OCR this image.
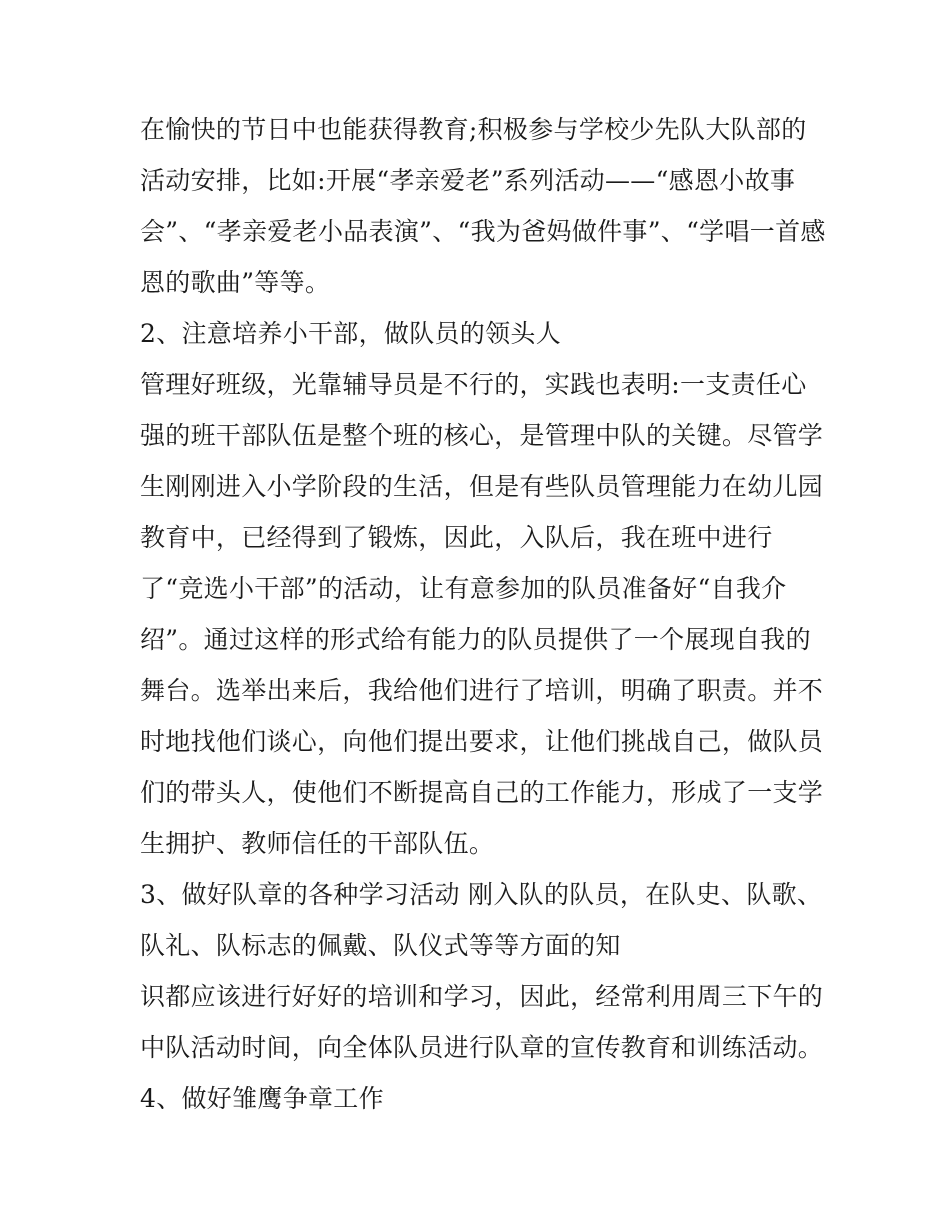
在愉快的节日中也能获得教育;积极参与学校少先队大队部的
活动安排，比如:开展“孝亲爱老”系列活动——“感恩小故事
会”、“孝亲爱老小品表演”、“我为爸妈做件事”、“学唱一首感
恩的歌曲”等等。
2、注意培养小干部，做队员的领头人
管理好班级，光靠辅导员是不行的，实践也表明:一支责任心
强的班干部队伍是整个班的核心，是管理中队的关键。尽管学
生刚刚进入小学阶段的生活，但是有些队员管理能力在幼儿园
教育中，已经得到了锻炼，因此，入队后，我在班中进行
了“竞选小干部”的活动，让有意参加的队员准备好“自我介
绍”。通过这样的形式给有能力的队员提供了一个展现自我的
舞台。选举出来后，我给他们进行了培训，明确了职责。并不
时地找他们谈心，向他们提出要求，让他们挑战自己，做队员
们的带头人，使他们不断提高自己的工作能力，形成了一支学
生拥护、教师信任的干部队伍。
3、做好队章的各种学习活动 刚入队的队员，在队史、队歌、
队礼、队标志的佩戴、队仪式等等方面的知
识都应该进行好好的培训和学习，因此，经常利用周三下午的
中队活动时间，向全体队员进行队章的宣传教育和训练活动。
4、做好雏鹰争章工作
